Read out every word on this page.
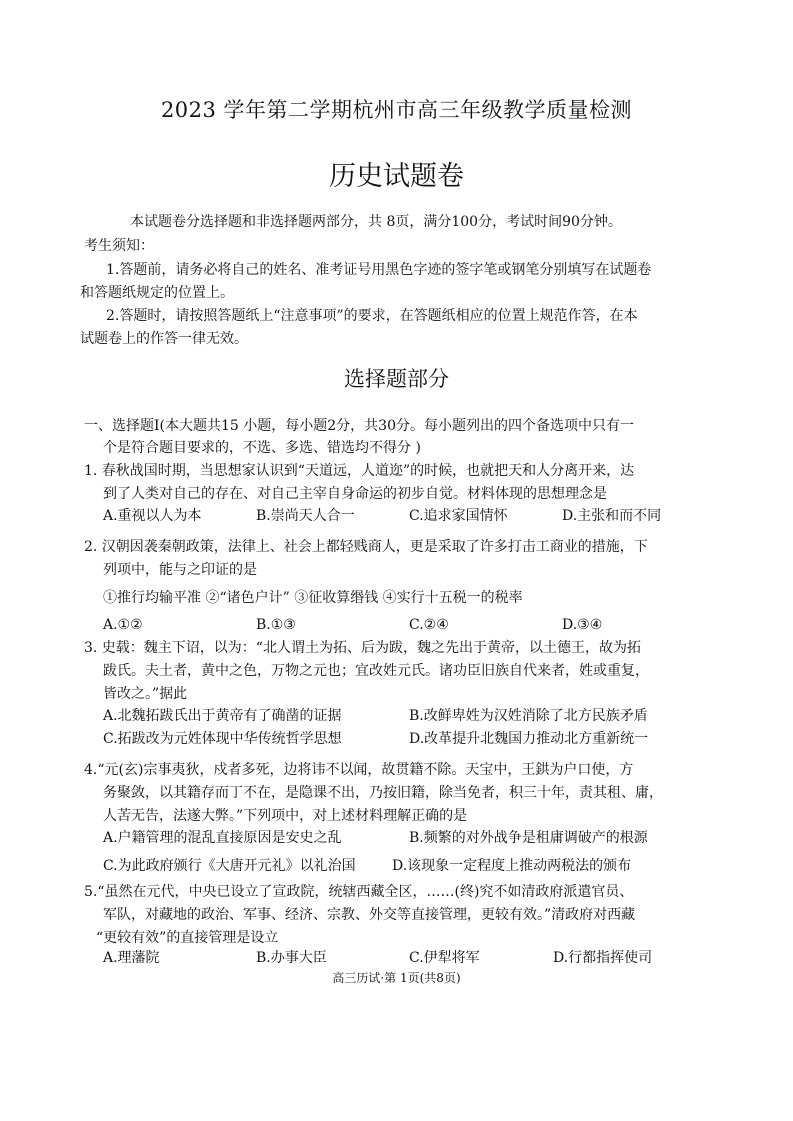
2023 学年第二学期杭州市高三年级教学质量检测
历史试题卷
本试题卷分选择题和非选择题两部分，共 8页，满分100分，考试时间90分钟。
考生须知：
1.答题前，请务必将自己的姓名、准考证号用黑色字迹的签字笔或钢笔分别填写在试题卷
和答题纸规定的位置上。
2.答题时，请按照答题纸上“注意事项”的要求，在答题纸相应的位置上规范作答，在本
试题卷上的作答一律无效。
选择题部分
一、选择题Ⅰ(本大题共15 小题，每小题2分，共30分。每小题列出的四个备选项中只有一
个是符合题目要求的，不选、多选、错选均不得分 )
1. 春秋战国时期，当思想家认识到“天道远，人道迩”的时候，也就把天和人分离开来，达
到了人类对自己的存在、对自己主宰自身命运的初步自觉。材料体现的思想理念是
A.重视以人为本	B.崇尚天人合一	C.追求家国情怀	D.主张和而不同
2. 汉朝因袭秦朝政策，法律上、社会上都轻贱商人，更是采取了许多打击工商业的措施，下
列项中，能与之印证的是
①推行均输平准 ②“诸色户计” ③征收算缗钱 ④实行十五税一的税率
A.①②	B.①③	C.②④	D.③④
3. 史载：魏主下诏，以为：“北人谓土为拓、后为跋，魏之先出于黄帝，以土德王，故为拓
跋氏。夫土者，黄中之色，万物之元也；宜改姓元氏。诸功臣旧族自代来者，姓或重复，
皆改之。”据此
A.北魏拓跋氏出于黄帝有了确凿的证据	B.改鲜卑姓为汉姓消除了北方民族矛盾
C.拓跋改为元姓体现中华传统哲学思想	D.改革提升北魏国力推动北方重新统一
4.“元(玄)宗事夷狄，戍者多死，边将讳不以闻，故贯籍不除。天宝中，王鉷为户口使，方
务聚敛，以其籍存而丁不在，是隐课不出，乃按旧籍，除当免者，积三十年，责其租、庸，
人苦无告，法遂大弊。”下列项中，对上述材料理解正确的是
A.户籍管理的混乱直接原因是安史之乱	B.频繁的对外战争是租庸调破产的根源
C.为此政府颁行《大唐开元礼》以礼治国	D.该现象一定程度上推动两税法的颁布
5.“虽然在元代，中央已设立了宣政院，统辖西藏全区，……(终)究不如清政府派遣官员、
军队，对藏地的政治、军事、经济、宗教、外交等直接管理，更较有效。”清政府对西藏
“更较有效”的直接管理是设立
A.理藩院	B.办事大臣	C.伊犁将军	D.行都指挥使司
高三历试·第 1页(共8页)
